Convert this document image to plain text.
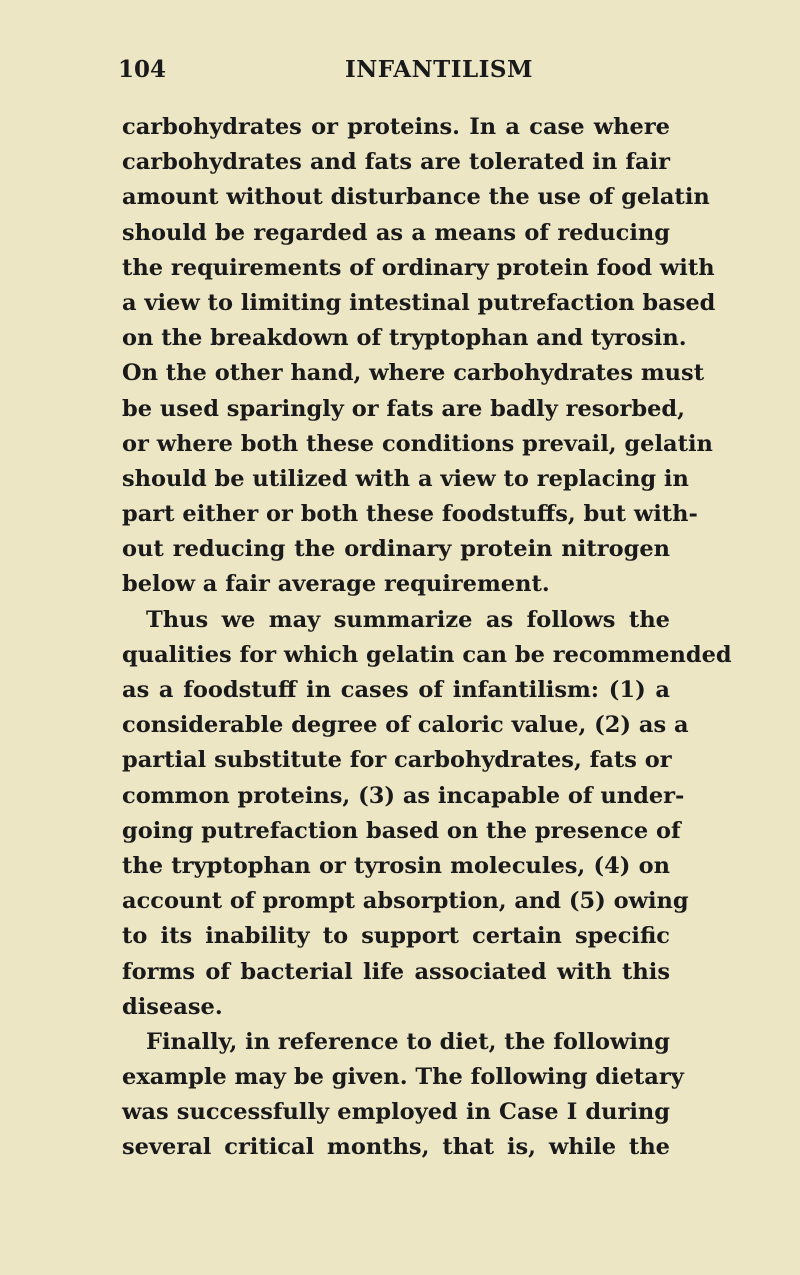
104	INFANTILISM
carbohydrates or proteins. In a case where
carbohydrates and fats are tolerated in fair
amount without disturbance the use of gelatin
should be regarded as a means of reducing
the requirements of ordinary protein food with
a view to limiting intestinal putrefaction based
on the breakdown of tryptophan and tyrosin.
On the other hand, where carbohydrates must
be used sparingly or fats are badly resorbed,
or where both these conditions prevail, gelatin
should be utilized with a view to replacing in
part either or both these foodstuffs, but with-
out reducing the ordinary protein nitrogen
below a fair average requirement.
Thus we may summarize as follows the
qualities for which gelatin can be recommended
as a foodstuff in cases of infantilism: (1) a
considerable degree of caloric value, (2) as a
partial substitute for carbohydrates, fats or
common proteins, (3) as incapable of under-
going putrefaction based on the presence of
the tryptophan or tyrosin molecules, (4) on
account of prompt absorption, and (5) owing
to its inability to support certain specific
forms of bacterial life associated with this
disease.
Finally, in reference to diet, the following
example may be given. The following dietary
was successfully employed in Case I during
several critical months, that is, while the
